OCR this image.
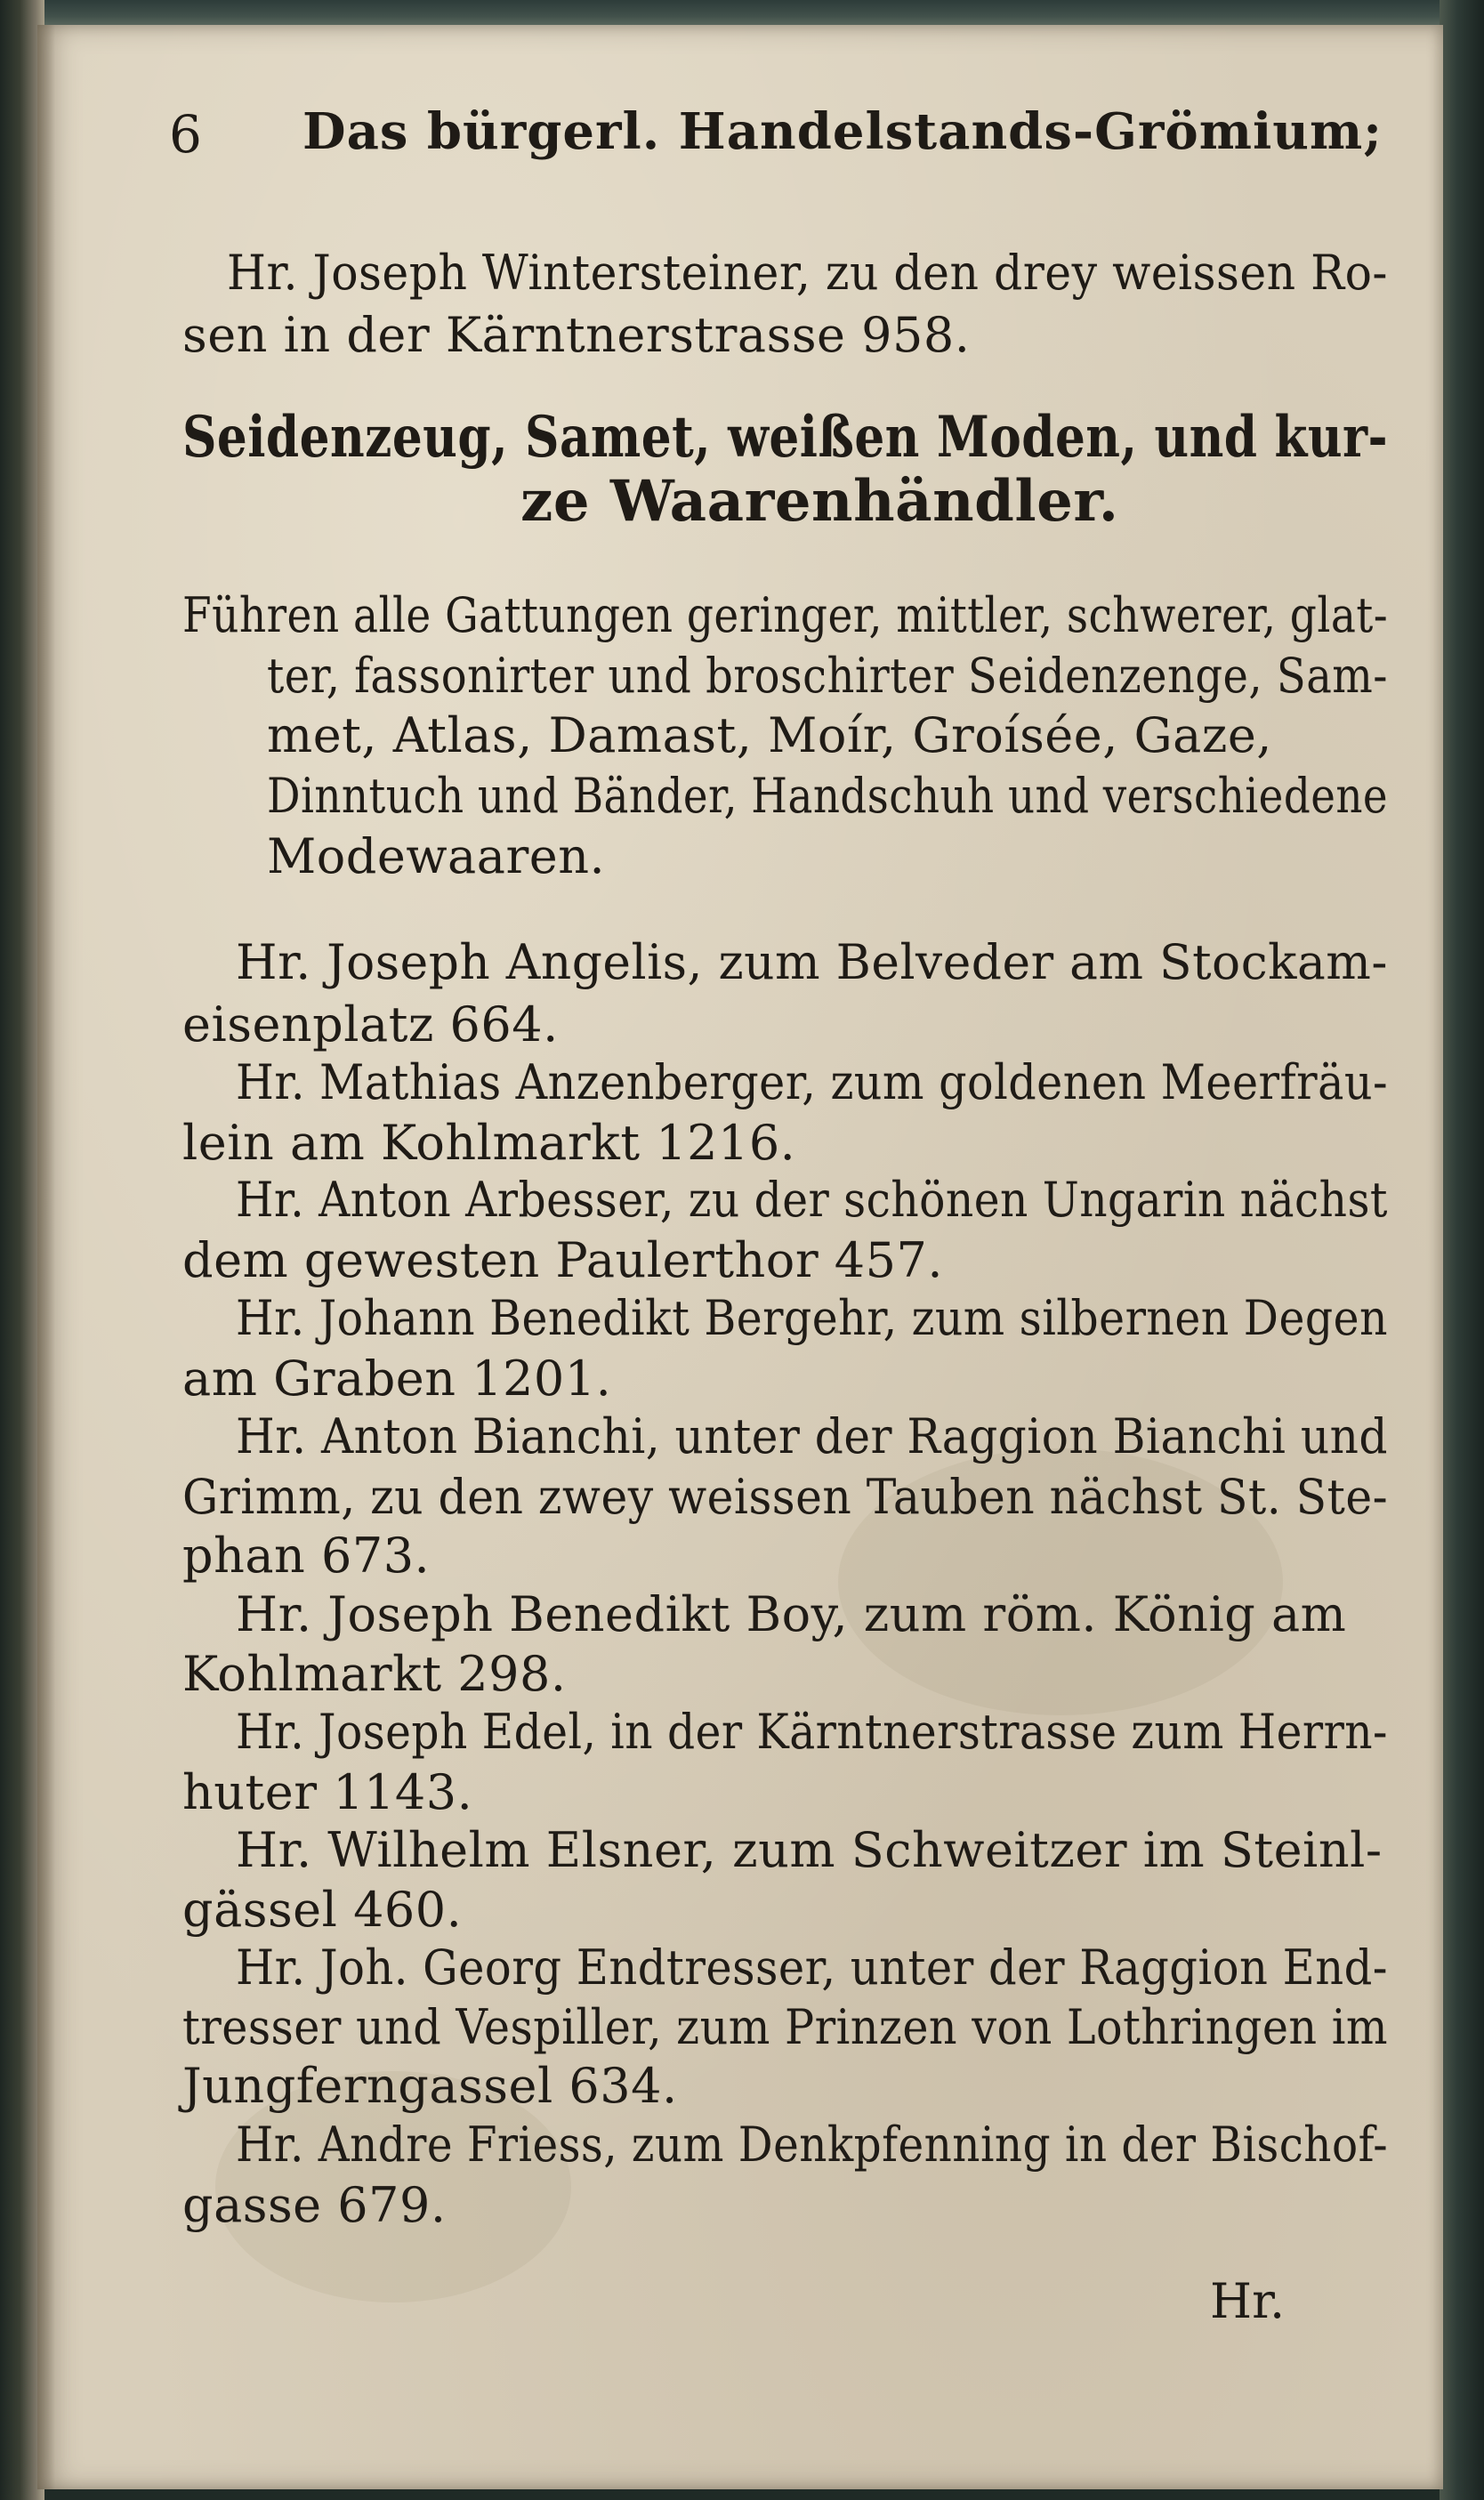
6 Das bürgerl. Handelstands-Grömium;
Hr. Joseph Wintersteiner, zu den drey weissen Ro-
sen in der Kärntnerstrasse 958.
Seidenzeug, Samet, weißen Moden, und kur-
ze Waarenhändler.
Führen alle Gattungen geringer, mittler, schwerer, glat-
ter, fassonirter und broschirter Seidenzenge, Sam-
met, Atlas, Damast, Moír, Groísée, Gaze,
Dinntuch und Bänder, Handschuh und verschiedene
Modewaaren.
Hr. Joseph Angelis, zum Belveder am Stockam-
eisenplatz 664.
Hr. Mathias Anzenberger, zum goldenen Meerfräu-
lein am Kohlmarkt 1216.
Hr. Anton Arbesser, zu der schönen Ungarin nächst
dem gewesten Paulerthor 457.
Hr. Johann Benedikt Bergehr, zum silbernen Degen
am Graben 1201.
Hr. Anton Bianchi, unter der Raggion Bianchi und
Grimm, zu den zwey weissen Tauben nächst St. Ste-
phan 673.
Hr. Joseph Benedikt Boy, zum röm. König am
Kohlmarkt 298.
Hr. Joseph Edel, in der Kärntnerstrasse zum Herrn-
huter 1143.
Hr. Wilhelm Elsner, zum Schweitzer im Steinl-
gässel 460.
Hr. Joh. Georg Endtresser, unter der Raggion End-
tresser und Vespiller, zum Prinzen von Lothringen im
Jungferngassel 634.
Hr. Andre Friess, zum Denkpfenning in der Bischof-
gasse 679.
Hr.
